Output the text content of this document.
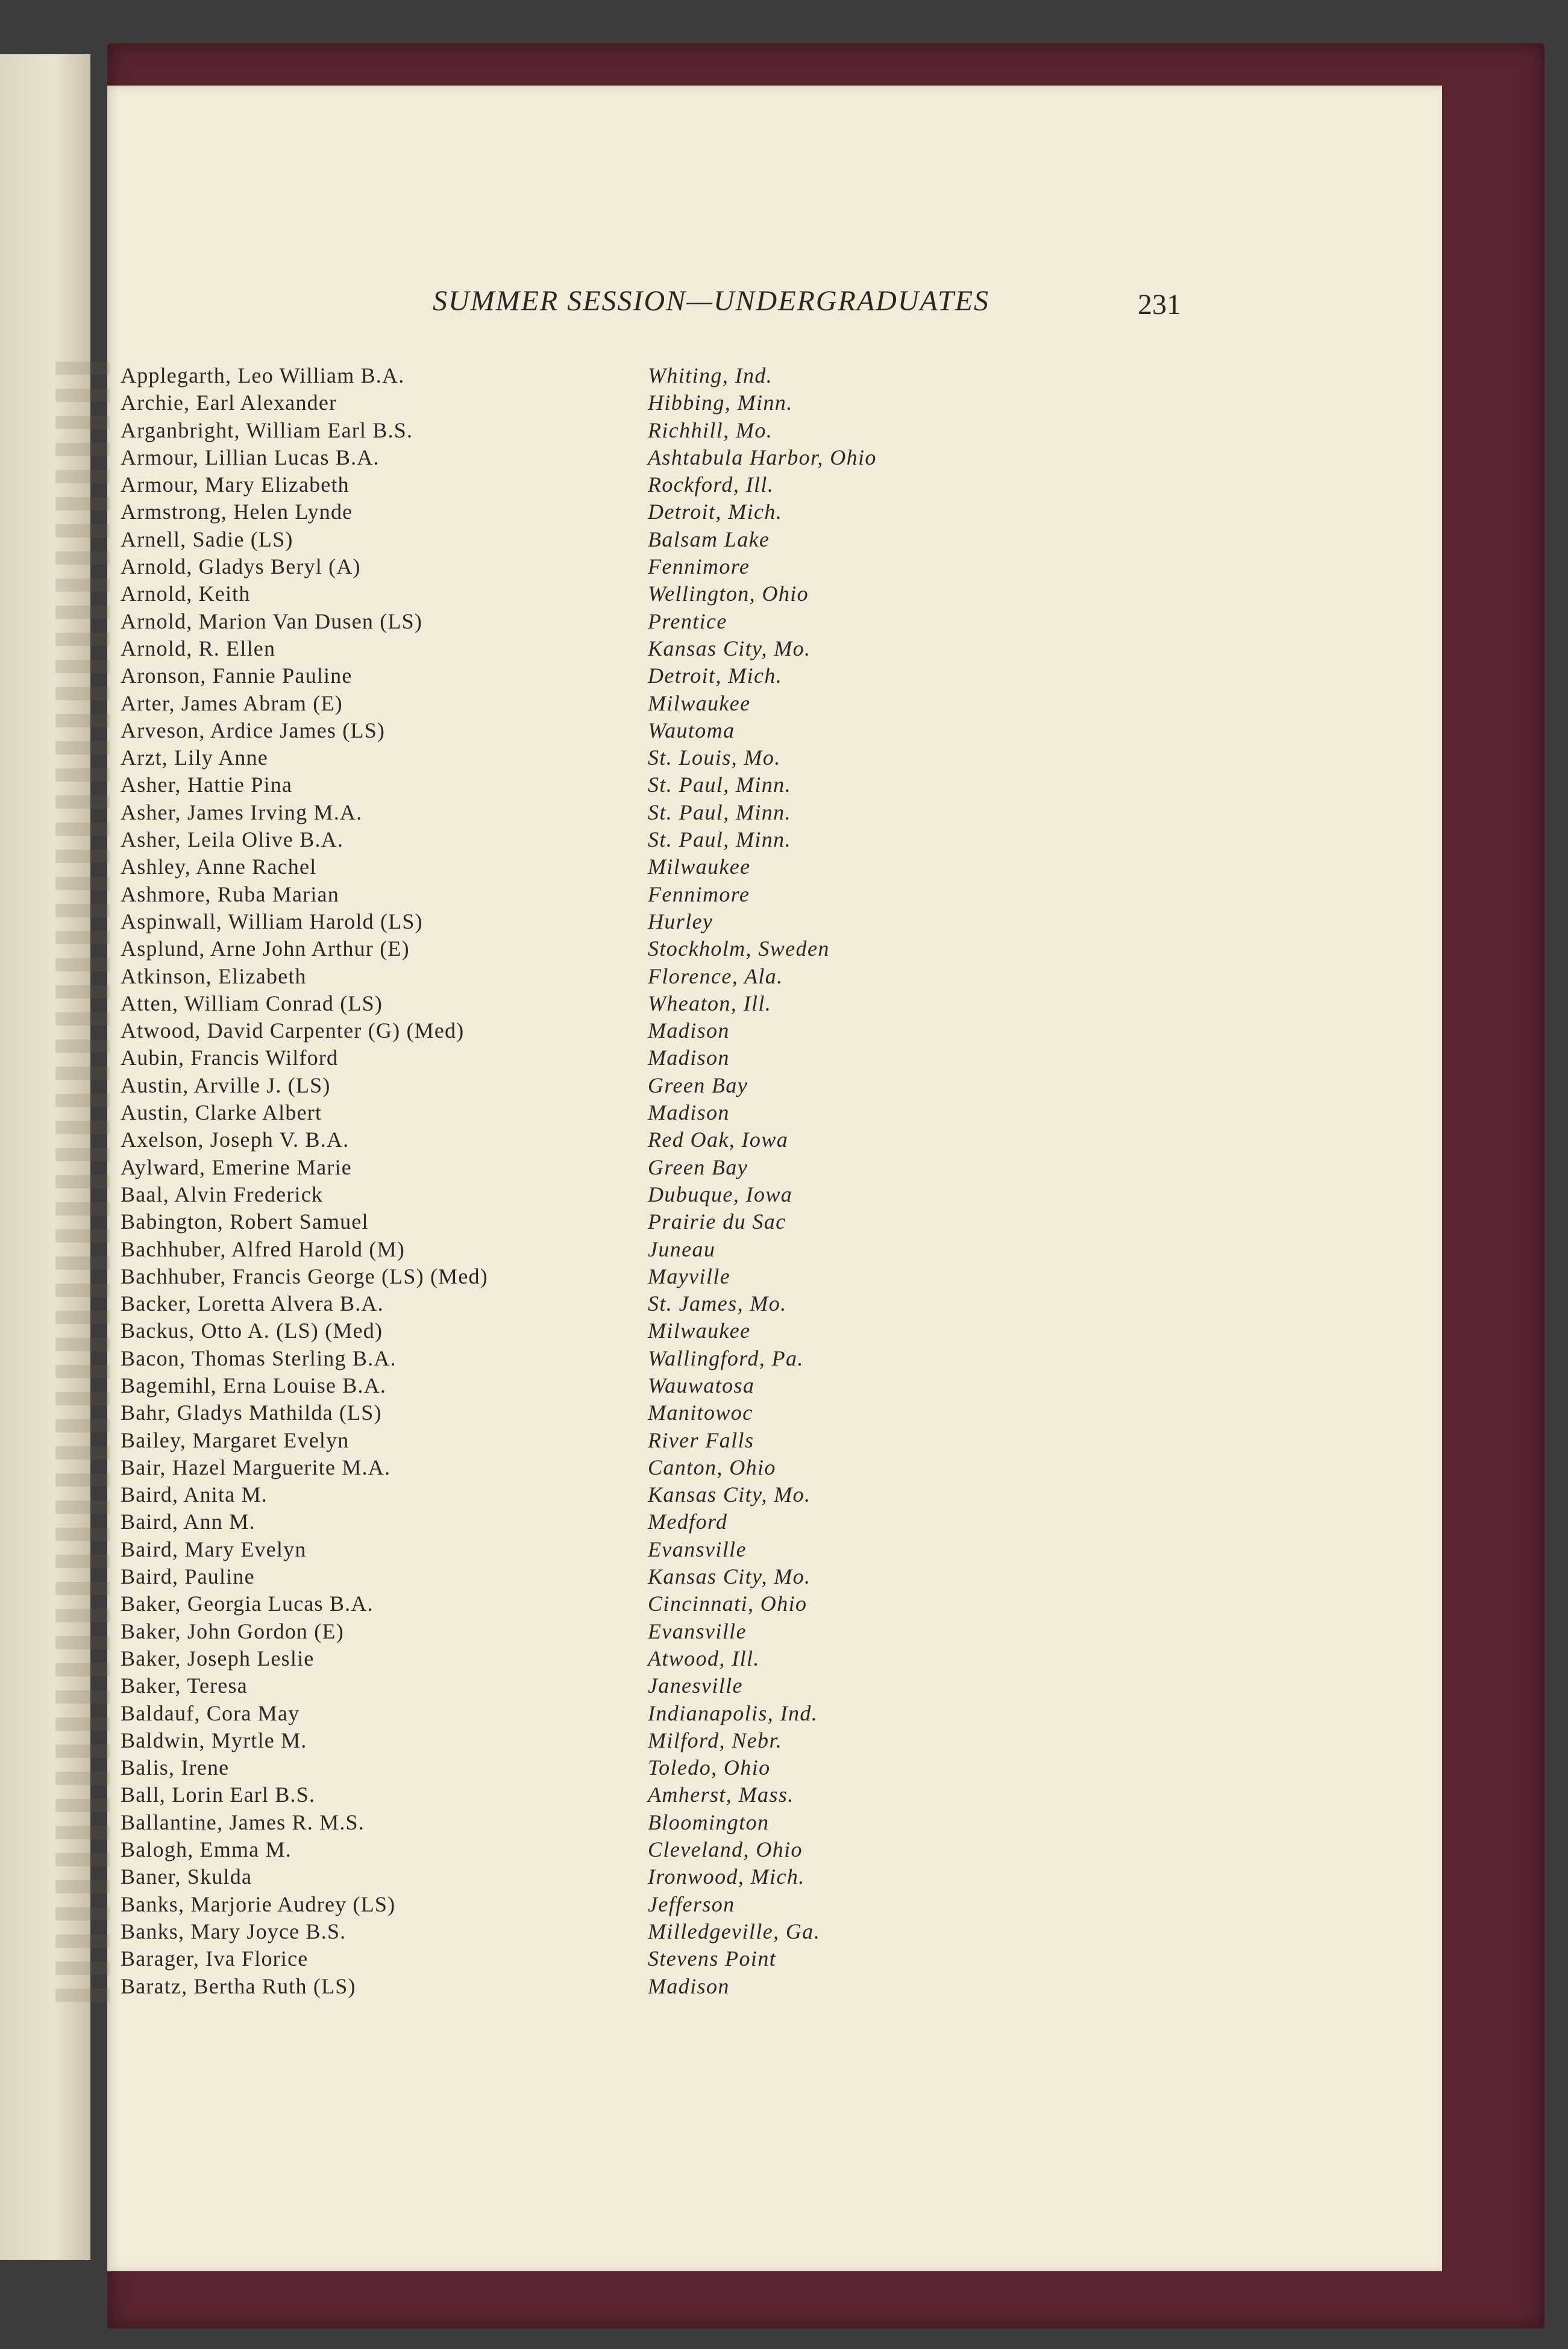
SUMMER SESSION—UNDERGRADUATES	231
Applegarth, Leo William B.A.	Whiting, Ind.
Archie, Earl Alexander	Hibbing, Minn.
Arganbright, William Earl B.S.	Richhill, Mo.
Armour, Lillian Lucas B.A.	Ashtabula Harbor, Ohio
Armour, Mary Elizabeth	Rockford, Ill.
Armstrong, Helen Lynde	Detroit, Mich.
Arnell, Sadie (LS)	Balsam Lake
Arnold, Gladys Beryl (A)	Fennimore
Arnold, Keith	Wellington, Ohio
Arnold, Marion Van Dusen (LS)	Prentice
Arnold, R. Ellen	Kansas City, Mo.
Aronson, Fannie Pauline	Detroit, Mich.
Arter, James Abram (E)	Milwaukee
Arveson, Ardice James (LS)	Wautoma
Arzt, Lily Anne	St. Louis, Mo.
Asher, Hattie Pina	St. Paul, Minn.
Asher, James Irving M.A.	St. Paul, Minn.
Asher, Leila Olive B.A.	St. Paul, Minn.
Ashley, Anne Rachel	Milwaukee
Ashmore, Ruba Marian	Fennimore
Aspinwall, William Harold (LS)	Hurley
Asplund, Arne John Arthur (E)	Stockholm, Sweden
Atkinson, Elizabeth	Florence, Ala.
Atten, William Conrad (LS)	Wheaton, Ill.
Atwood, David Carpenter (G) (Med)	Madison
Aubin, Francis Wilford	Madison
Austin, Arville J. (LS)	Green Bay
Austin, Clarke Albert	Madison
Axelson, Joseph V. B.A.	Red Oak, Iowa
Aylward, Emerine Marie	Green Bay
Baal, Alvin Frederick	Dubuque, Iowa
Babington, Robert Samuel	Prairie du Sac
Bachhuber, Alfred Harold (M)	Juneau
Bachhuber, Francis George (LS) (Med)	Mayville
Backer, Loretta Alvera B.A.	St. James, Mo.
Backus, Otto A. (LS) (Med)	Milwaukee
Bacon, Thomas Sterling B.A.	Wallingford, Pa.
Bagemihl, Erna Louise B.A.	Wauwatosa
Bahr, Gladys Mathilda (LS)	Manitowoc
Bailey, Margaret Evelyn	River Falls
Bair, Hazel Marguerite M.A.	Canton, Ohio
Baird, Anita M.	Kansas City, Mo.
Baird, Ann M.	Medford
Baird, Mary Evelyn	Evansville
Baird, Pauline	Kansas City, Mo.
Baker, Georgia Lucas B.A.	Cincinnati, Ohio
Baker, John Gordon (E)	Evansville
Baker, Joseph Leslie	Atwood, Ill.
Baker, Teresa	Janesville
Baldauf, Cora May	Indianapolis, Ind.
Baldwin, Myrtle M.	Milford, Nebr.
Balis, Irene	Toledo, Ohio
Ball, Lorin Earl B.S.	Amherst, Mass.
Ballantine, James R. M.S.	Bloomington
Balogh, Emma M.	Cleveland, Ohio
Baner, Skulda	Ironwood, Mich.
Banks, Marjorie Audrey (LS)	Jefferson
Banks, Mary Joyce B.S.	Milledgeville, Ga.
Barager, Iva Florice	Stevens Point
Baratz, Bertha Ruth (LS)	Madison
